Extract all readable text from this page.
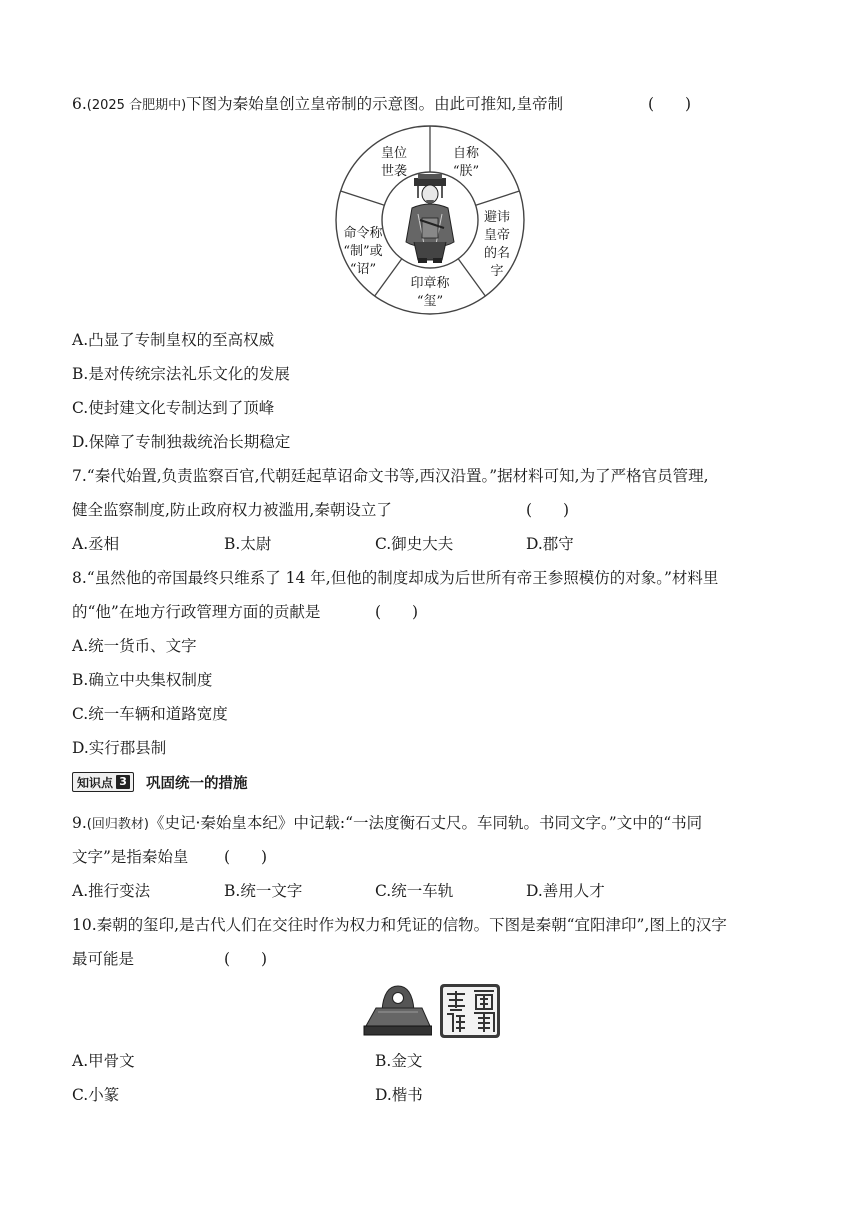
6.(2025 合肥期中)下图为秦始皇创立皇帝制的示意图。由此可推知,皇帝制	(　　)
皇位
世袭
自称
“朕”
避讳
皇帝
的名
字
印章称
“玺”
命令称
“制”或
“诏”
A.凸显了专制皇权的至高权威
B.是对传统宗法礼乐文化的发展
C.使封建文化专制达到了顶峰
D.保障了专制独裁统治长期稳定
7.“秦代始置,负责监察百官,代朝廷起草诏命文书等,西汉沿置。”据材料可知,为了严格官员管理,
健全监察制度,防止政府权力被滥用,秦朝设立了	(　　)
A.丞相	B.太尉	C.御史大夫	D.郡守
8.“虽然他的帝国最终只维系了 14 年,但他的制度却成为后世所有帝王参照模仿的对象。”材料里
的“他”在地方行政管理方面的贡献是	(　　)
A.统一货币、文字
B.确立中央集权制度
C.统一车辆和道路宽度
D.实行郡县制
知识点 3 巩固统一的措施
9.(回归教材)《史记·秦始皇本纪》中记载:“一法度衡石丈尺。车同轨。书同文字。”文中的“书同
文字”是指秦始皇 (　　)
A.推行变法	B.统一文字	C.统一车轨	D.善用人才
10.秦朝的玺印,是古代人们在交往时作为权力和凭证的信物。下图是秦朝“宜阳津印”,图上的汉字
最可能是	(　　)
A.甲骨文	B.金文
C.小篆	D.楷书
